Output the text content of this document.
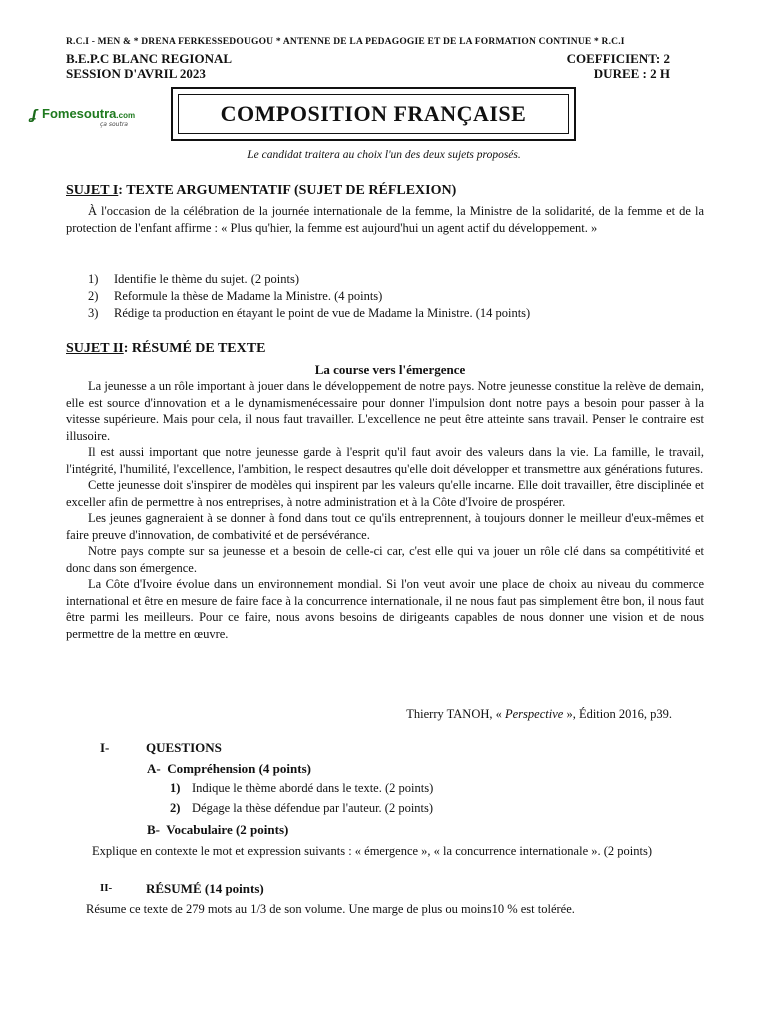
R.C.I - MEN & * DRENA FERKESSEDOUGOU * ANTENNE DE LA PEDAGOGIE ET DE LA FORMATION CONTINUE * R.C.I
B.E.P.C BLANC REGIONAL	COEFFICIENT: 2
SESSION D'AVRIL 2023	DUREE : 2 H
ʆ Fomesoutra.com
ça soutra	COMPOSITION FRANÇAISE
Le candidat traitera au choix l'un des deux sujets proposés.
SUJET I: TEXTE ARGUMENTATIF (SUJET DE RÉFLEXION)
À l'occasion de la célébration de la journée internationale de la femme, la Ministre de la solidarité, de la femme et de la protection de l'enfant affirme : « Plus qu'hier, la femme est aujourd'hui un agent actif du développement. »
1)	Identifie le thème du sujet. (2 points)
2)	Reformule la thèse de Madame la Ministre. (4 points)
3)	Rédige ta production en étayant le point de vue de Madame la Ministre. (14 points)
SUJET II: RÉSUMÉ DE TEXTE
La course vers l'émergence

La jeunesse a un rôle important à jouer dans le développement de notre pays. Notre jeunesse constitue la relève de demain, elle est source d'innovation et a le dynamismenécessaire pour donner l'impulsion dont notre pays a besoin pour passer à la vitesse supérieure. Mais pour cela, il nous faut travailler. L'excellence ne peut être atteinte sans travail. Penser le contraire est illusoire.

Il est aussi important que notre jeunesse garde à l'esprit qu'il faut avoir des valeurs dans la vie. La famille, le travail, l'intégrité, l'humilité, l'excellence, l'ambition, le respect desautres qu'elle doit développer et transmettre aux générations futures.

Cette jeunesse doit s'inspirer de modèles qui inspirent par les valeurs qu'elle incarne. Elle doit travailler, être disciplinée et exceller afin de permettre à nos entreprises, à notre administration et à la Côte d'Ivoire de prospérer.

Les jeunes gagneraient à se donner à fond dans tout ce qu'ils entreprennent, à toujours donner le meilleur d'eux-mêmes et faire preuve d'innovation, de combativité et de persévérance.

Notre pays compte sur sa jeunesse et a besoin de celle-ci car, c'est elle qui va jouer un rôle clé dans sa compétitivité et donc dans son émergence.

La Côte d'Ivoire évolue dans un environnement mondial. Si l'on veut avoir une place de choix au niveau du commerce international et être en mesure de faire face à la concurrence internationale, il ne nous faut pas simplement être bon, il nous faut être parmi les meilleurs. Pour ce faire, nous avons besoins de dirigeants capables de nous donner une vision et de nous permettre de la mettre en œuvre.

Thierry TANOH, « Perspective », Édition 2016, p39.
I-	QUESTIONS
A- Compréhension (4 points)
1) Indique le thème abordé dans le texte. (2 points)
2) Dégage la thèse défendue par l'auteur. (2 points)
B- Vocabulaire (2 points)
Explique en contexte le mot et expression suivants : « émergence », « la concurrence internationale ». (2 points)
II-	RÉSUMÉ (14 points)
Résume ce texte de 279 mots au 1/3 de son volume. Une marge de plus ou moins10 % est tolérée.
